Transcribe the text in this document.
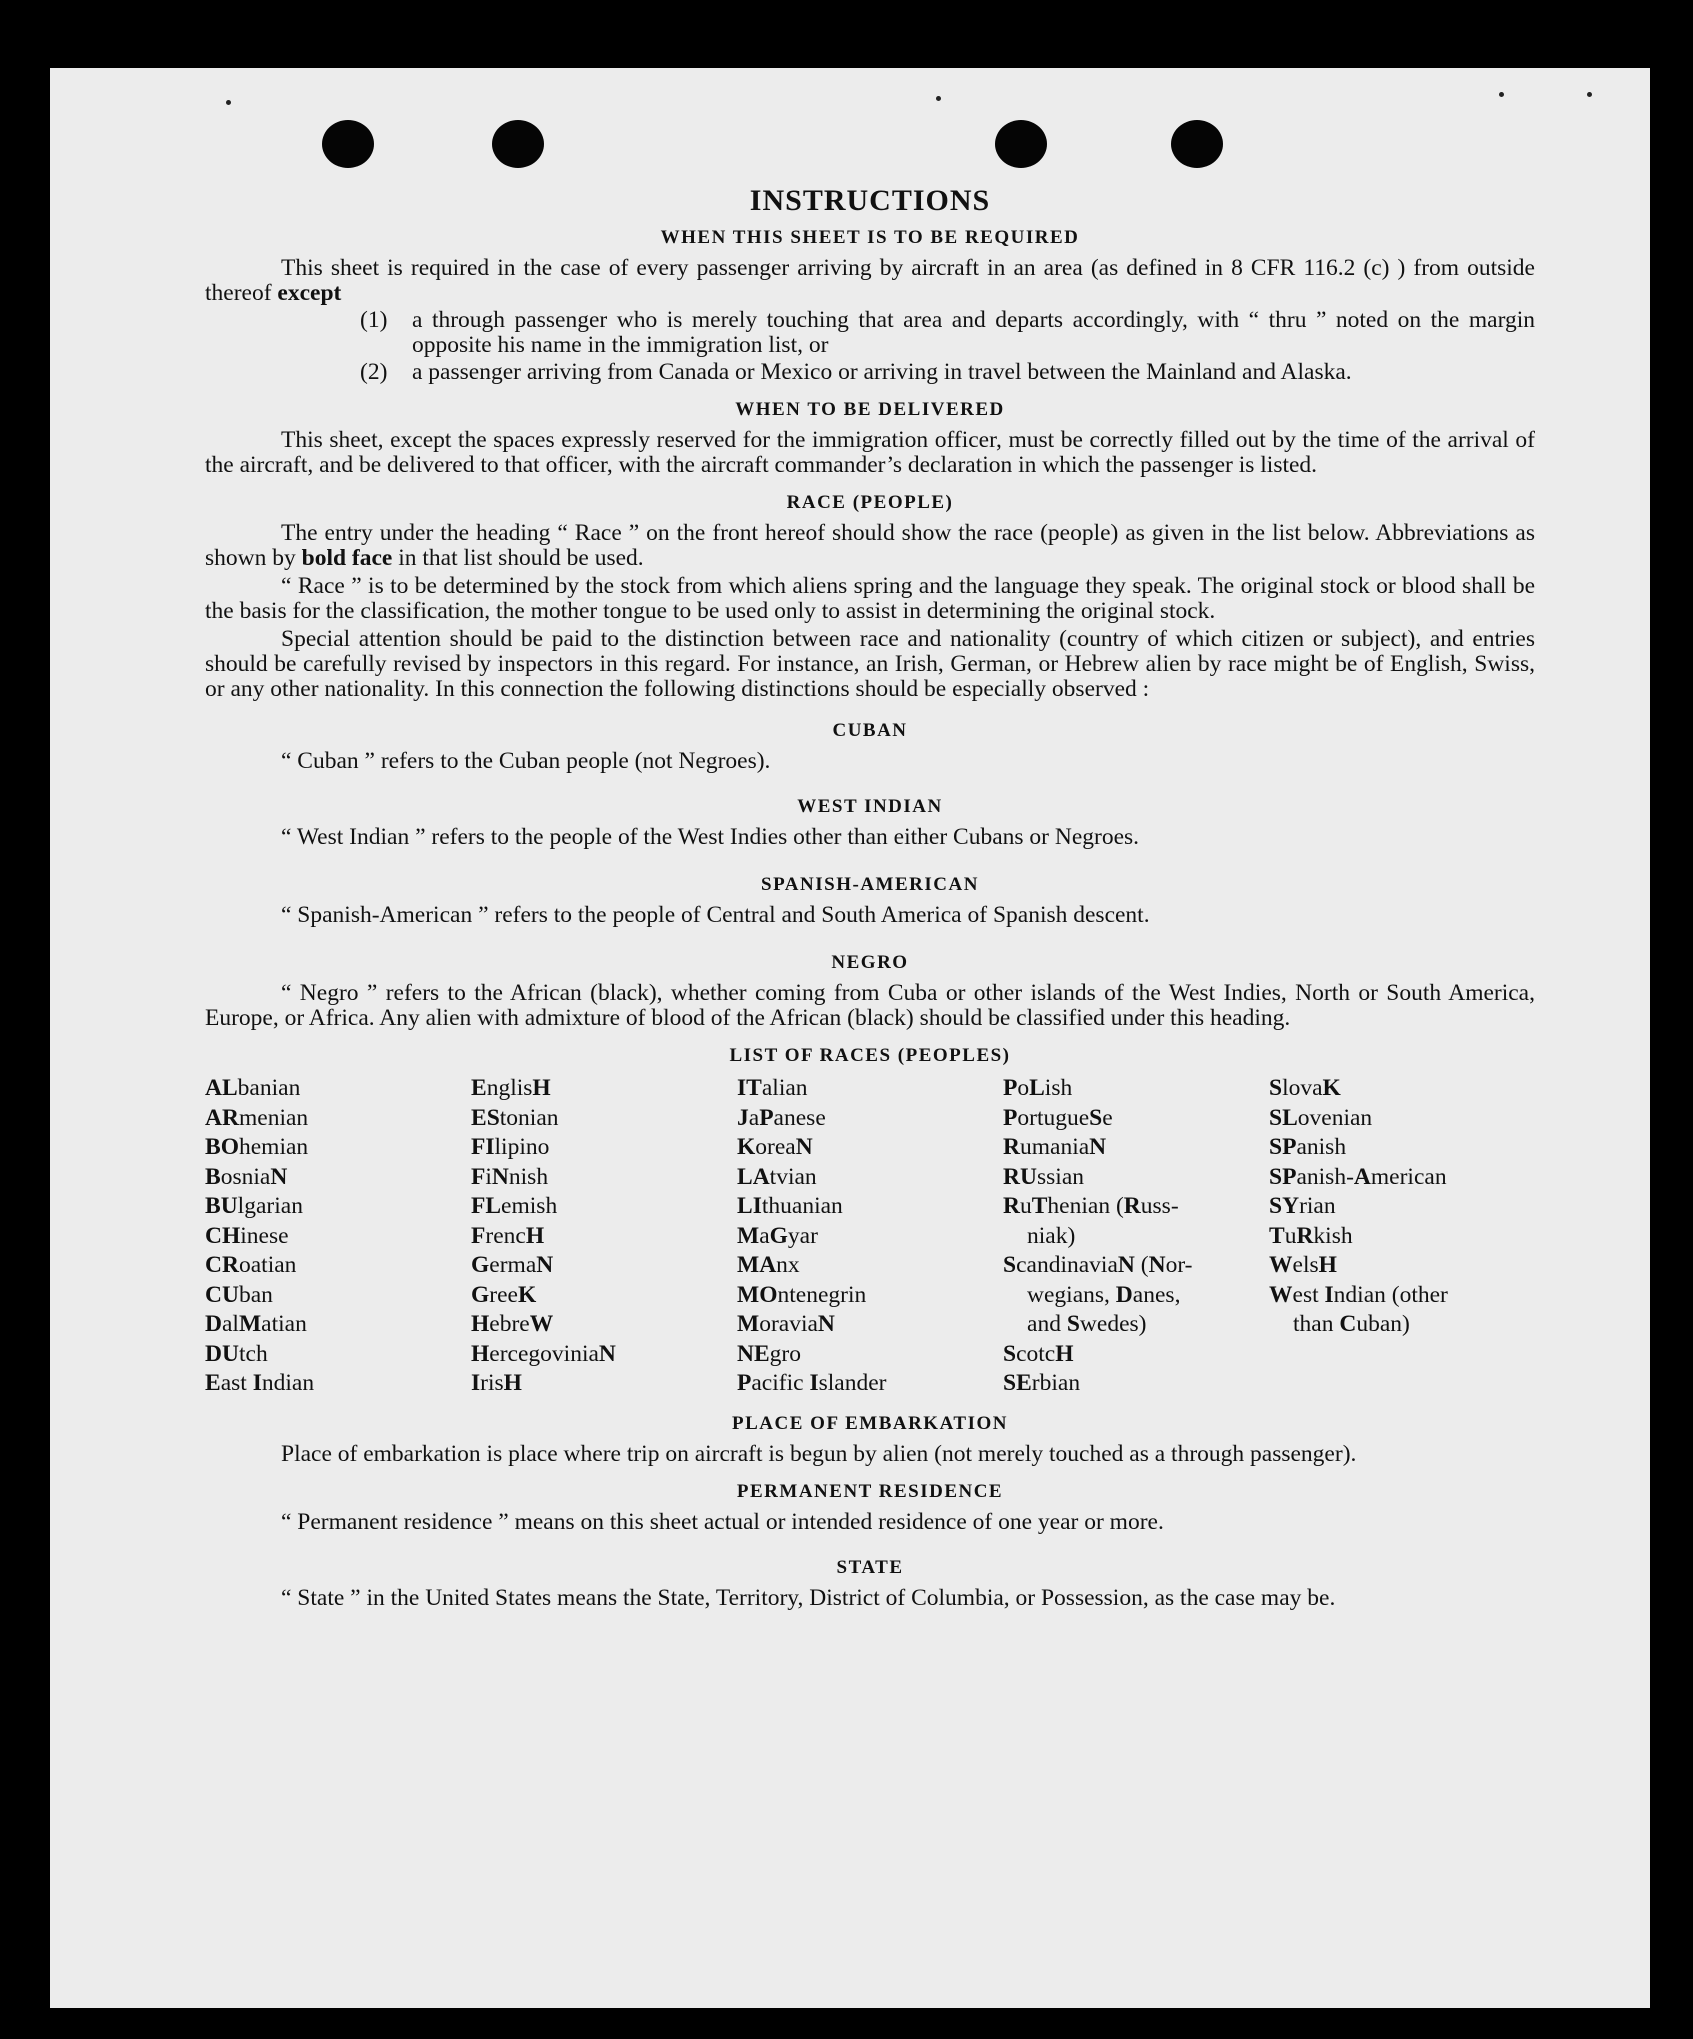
INSTRUCTIONS
WHEN THIS SHEET IS TO BE REQUIRED

This sheet is required in the case of every passenger arriving by aircraft in an area (as defined in 8 CFR 116.2 (c) ) from outside thereof except

(1)	a through passenger who is merely touching that area and departs accordingly, with “ thru ” noted on the margin opposite his name in the immigration list, or
(2)	a passenger arriving from Canada or Mexico or arriving in travel between the Mainland and Alaska.
WHEN TO BE DELIVERED

This sheet, except the spaces expressly reserved for the immigration officer, must be correctly filled out by the time of the arrival of the aircraft, and be delivered to that officer, with the aircraft commander’s declaration in which the passenger is listed.

RACE (PEOPLE)

The entry under the heading “ Race ” on the front hereof should show the race (people) as given in the list below. Abbreviations as shown by bold face in that list should be used.

“ Race ” is to be determined by the stock from which aliens spring and the language they speak. The original stock or blood shall be the basis for the classification, the mother tongue to be used only to assist in determining the original stock.

Special attention should be paid to the distinction between race and nationality (country of which citizen or subject), and entries should be carefully revised by inspectors in this regard. For instance, an Irish, German, or Hebrew alien by race might be of English, Swiss, or any other nationality. In this connection the following distinctions should be especially observed :

CUBAN

“ Cuban ” refers to the Cuban people (not Negroes).

WEST INDIAN

“ West Indian ” refers to the people of the West Indies other than either Cubans or Negroes.

SPANISH-AMERICAN

“ Spanish-American ” refers to the people of Central and South America of Spanish descent.

NEGRO

“ Negro ” refers to the African (black), whether coming from Cuba or other islands of the West Indies, North or South America, Europe, or Africa. Any alien with admixture of blood of the African (black) should be classified under this heading.

LIST OF RACES (PEOPLES)
ALbanian	EnglisH	ITalian	PoLish	SlovaK
ARmenian	EStonian	JaPanese	PortugueSe	SLovenian
BOhemian	FIlipino	KoreaN	RumaniaN	SPanish
BosniaN	FiNnish	LAtvian	RUssian	SPanish-American
BUlgarian	FLemish	LIthuanian	RuThenian (Russ-	SYrian
CHinese	FrencH	MaGyar	niak)	TuRkish
CRoatian	GermaN	MAnx	ScandinaviaN (Nor-	WelsH
CUban	GreeK	MOntenegrin	wegians, Danes,	West Indian (other
DalMatian	HebreW	MoraviaN	and Swedes)	than Cuban)
DUtch	HercegoviniaN	NEgro	ScotcH
East Indian	IrisH	Pacific Islander	SErbian
PLACE OF EMBARKATION

Place of embarkation is place where trip on aircraft is begun by alien (not merely touched as a through passenger).

PERMANENT RESIDENCE

“ Permanent residence ” means on this sheet actual or intended residence of one year or more.

STATE

“ State ” in the United States means the State, Territory, District of Columbia, or Possession, as the case may be.
